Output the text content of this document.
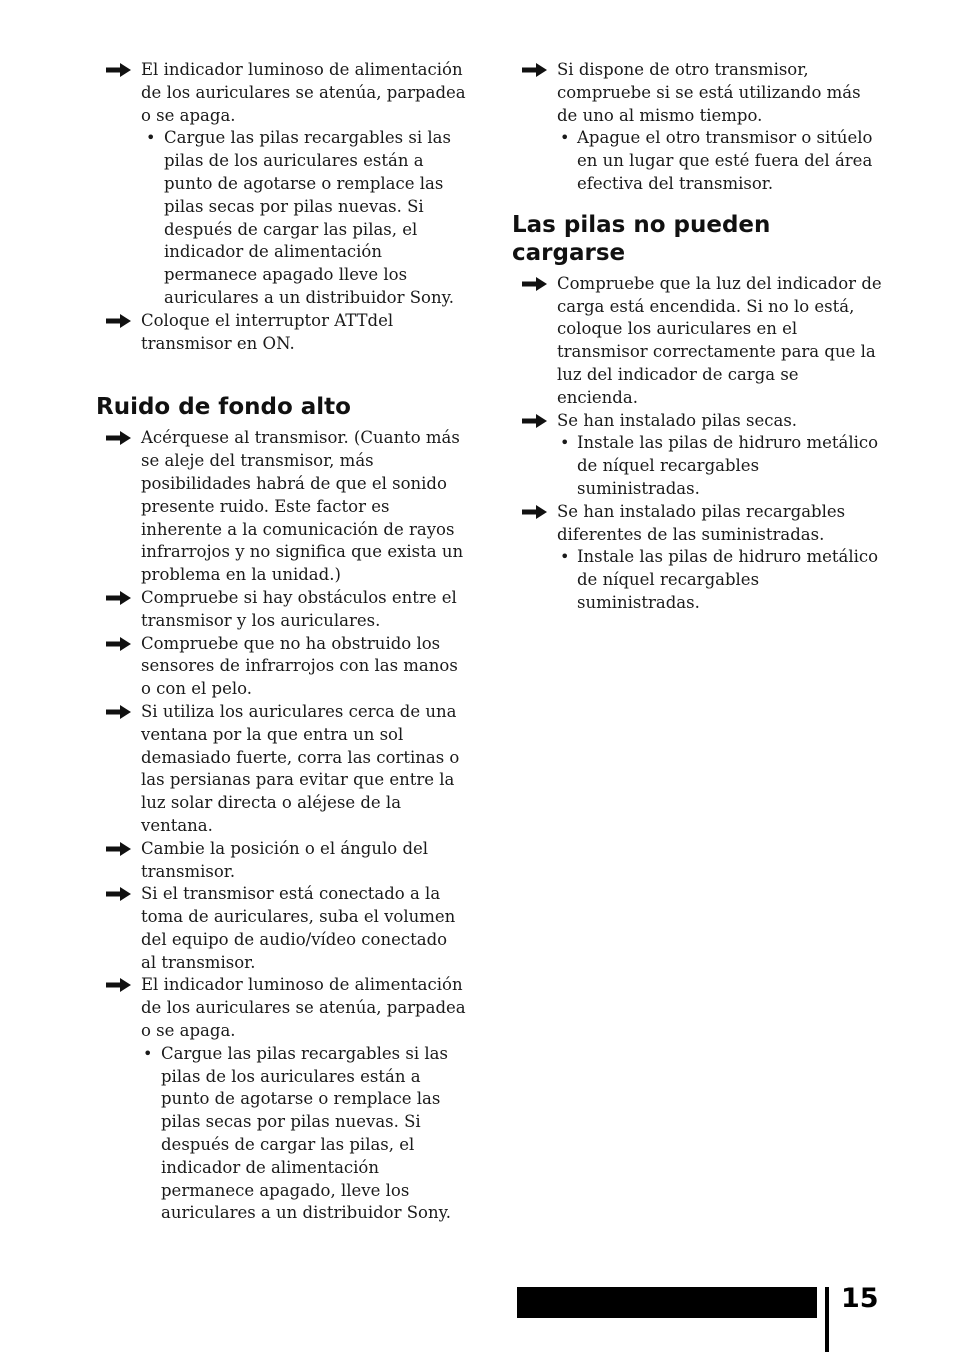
El indicador luminoso de alimentación de los auriculares se atenúa, parpadea o se apaga.
• Cargue las pilas recargables si las pilas de los auriculares están a punto de agotarse o remplace las pilas secas por pilas nuevas. Si después de cargar las pilas, el indicador de alimentación permanece apagado lleve los auriculares a un distribuidor Sony.
Coloque el interruptor ATTdel transmisor en ON.
Ruido de fondo alto
Acérquese al transmisor. (Cuanto más se aleje del transmisor, más posibilidades habrá de que el sonido presente ruido. Este factor es inherente a la comunicación de rayos infrarrojos y no significa que exista un problema en la unidad.)
Compruebe si hay obstáculos entre el transmisor y los auriculares.
Compruebe que no ha obstruido los sensores de infrarrojos con las manos o con el pelo.
Si utiliza los auriculares cerca de una ventana por la que entra un sol demasiado fuerte, corra las cortinas o las persianas para evitar que entre la luz solar directa o aléjese de la ventana.
Cambie la posición o el ángulo del transmisor.
Si el transmisor está conectado a la toma de auriculares, suba el volumen del equipo de audio/vídeo conectado al transmisor.
El indicador luminoso de alimentación de los auriculares se atenúa, parpadea o se apaga.
• Cargue las pilas recargables si las pilas de los auriculares están a punto de agotarse o remplace las pilas secas por pilas nuevas. Si después de cargar las pilas, el indicador de alimentación permanece apagado, lleve los auriculares a un distribuidor Sony.
Si dispone de otro transmisor, compruebe si se está utilizando más de uno al mismo tiempo.
• Apague el otro transmisor o sitúelo en un lugar que esté fuera del área efectiva del transmisor.
Las pilas no pueden cargarse
Compruebe que la luz del indicador de carga está encendida. Si no lo está, coloque los auriculares en el transmisor correctamente para que la luz del indicador de carga se encienda.
Se han instalado pilas secas.
• Instale las pilas de hidruro metálico de níquel recargables suministradas.
Se han instalado pilas recargables diferentes de las suministradas.
• Instale las pilas de hidruro metálico de níquel recargables suministradas.
15
